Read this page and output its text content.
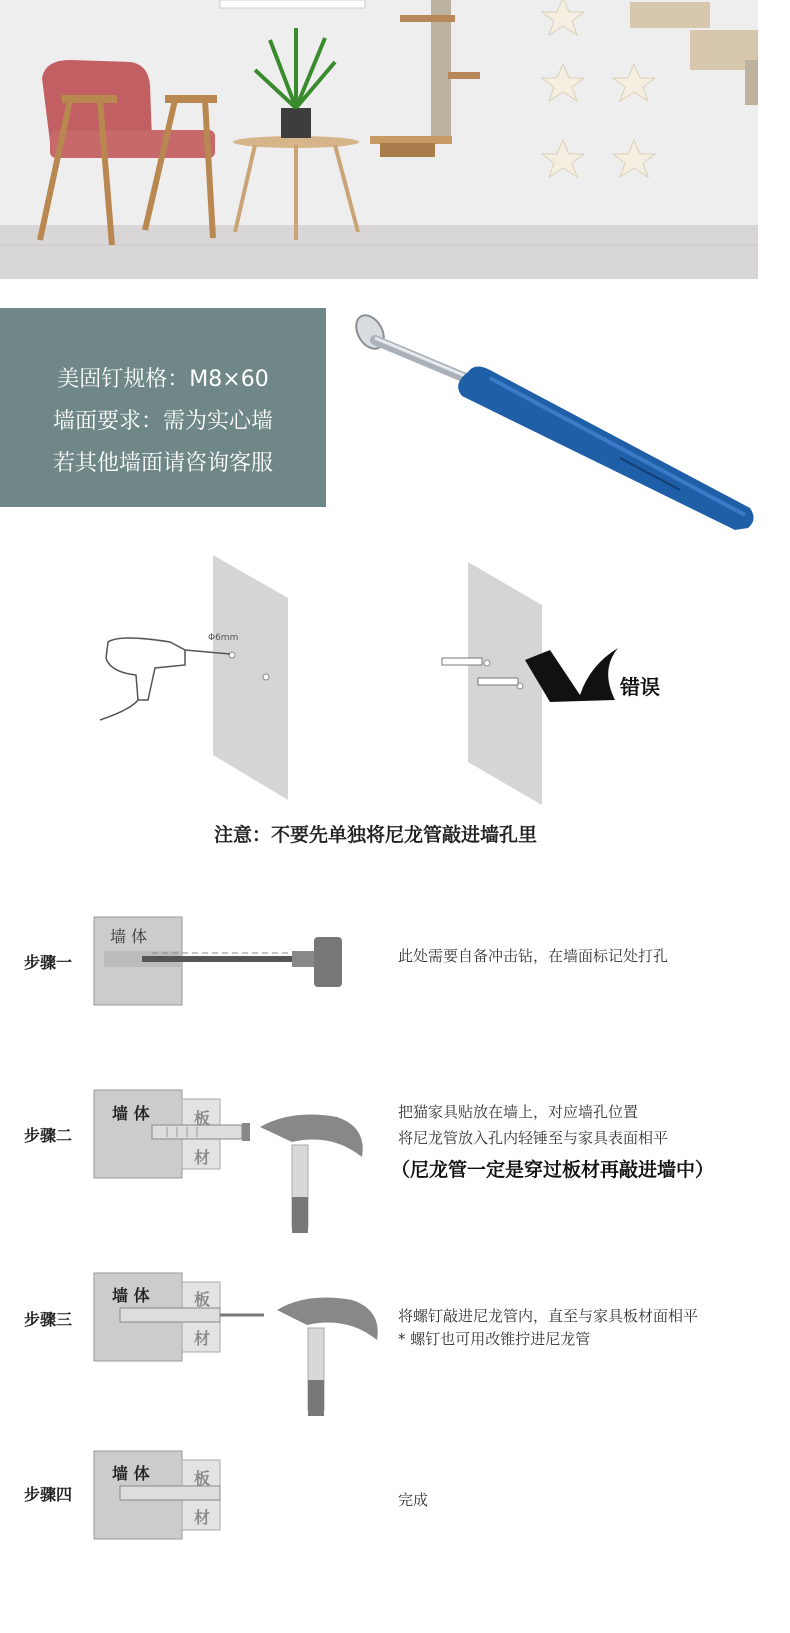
美固钉规格：M8×60
墙面要求：需为实心墙
若其他墙面请咨询客服
Φ6mm
错误
注意：不要先单独将尼龙管敲进墙孔里
步骤一
墙 体
此处需要自备冲击钻，在墙面标记处打孔
步骤二
墙 体	板
材
把猫家具贴放在墙上，对应墙孔位置
将尼龙管放入孔内轻锤至与家具表面相平
（尼龙管一定是穿过板材再敲进墙中）
步骤三
墙 体	板
材
将螺钉敲进尼龙管内，直至与家具板材面相平
* 螺钉也可用改锥拧进尼龙管
步骤四
墙 体	板
材
完成
